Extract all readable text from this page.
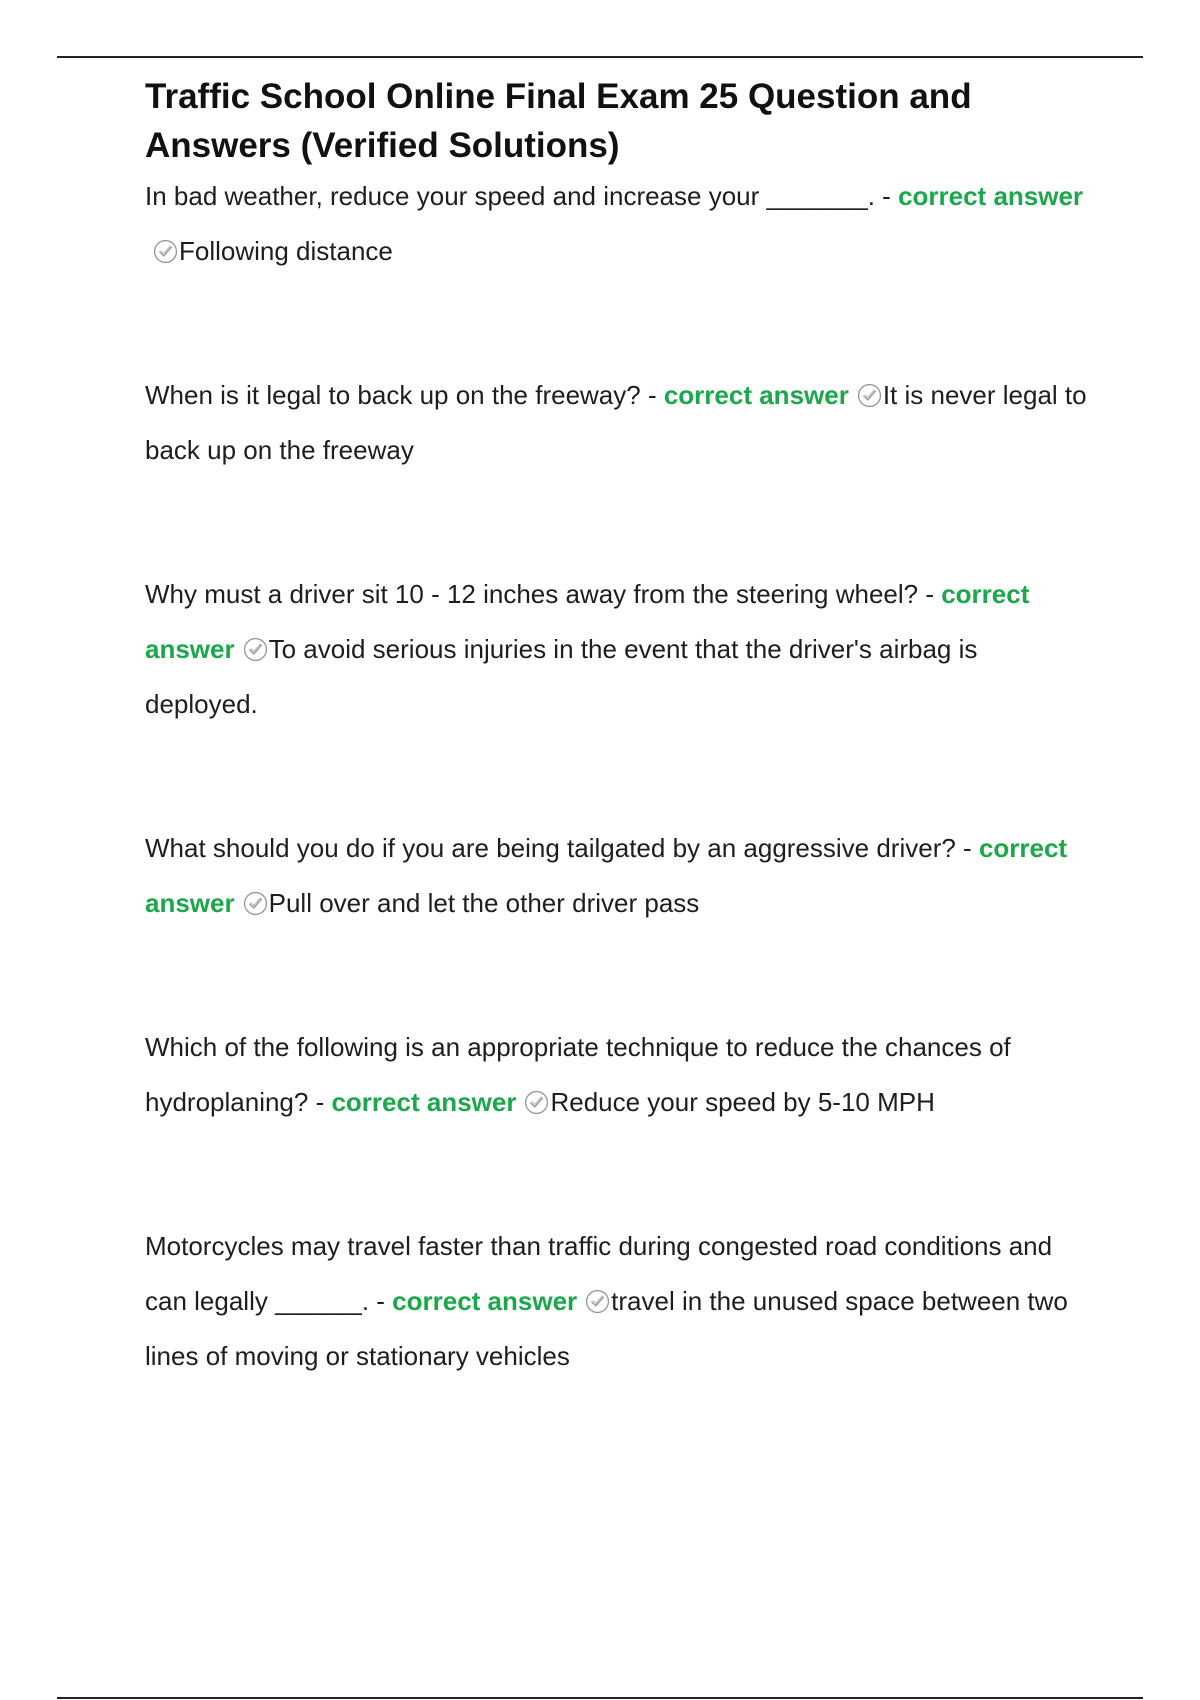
Traffic School Online Final Exam 25 Question and Answers (Verified Solutions)
In bad weather, reduce your speed and increase your _______. - correct answer
Following distance
When is it legal to back up on the freeway? - correct answer It is never legal to back up on the freeway
Why must a driver sit 10 - 12 inches away from the steering wheel? - correct answer To avoid serious injuries in the event that the driver's airbag is deployed.
What should you do if you are being tailgated by an aggressive driver? - correct answer Pull over and let the other driver pass
Which of the following is an appropriate technique to reduce the chances of hydroplaning? - correct answer Reduce your speed by 5-10 MPH
Motorcycles may travel faster than traffic during congested road conditions and can legally ______. - correct answer travel in the unused space between two lines of moving or stationary vehicles
